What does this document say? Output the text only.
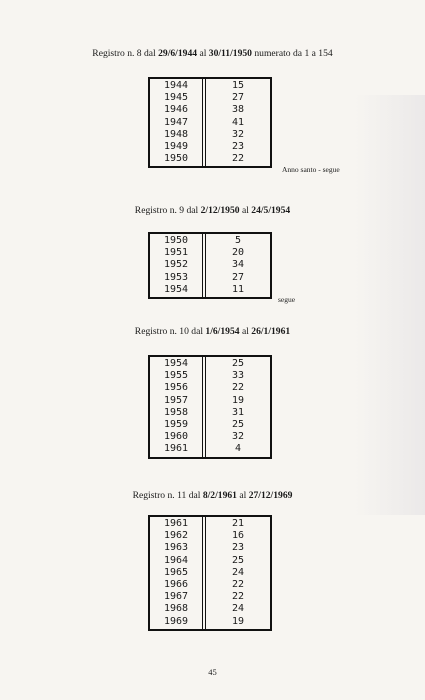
Registro n. 8 dal 29/6/1944 al 30/11/1950 numerato da 1 a 154
1944	15
1945	27
1946	38
1947	41
1948	32
1949	23
1950	22
Anno santo - segue
Registro n. 9 dal 2/12/1950 al 24/5/1954
1950	5
1951	20
1952	34
1953	27
1954	11
segue
Registro n. 10 dal 1/6/1954 al 26/1/1961
1954	25
1955	33
1956	22
1957	19
1958	31
1959	25
1960	32
1961	4
Registro n. 11 dal 8/2/1961 al 27/12/1969
1961	21
1962	16
1963	23
1964	25
1965	24
1966	22
1967	22
1968	24
1969	19
45
